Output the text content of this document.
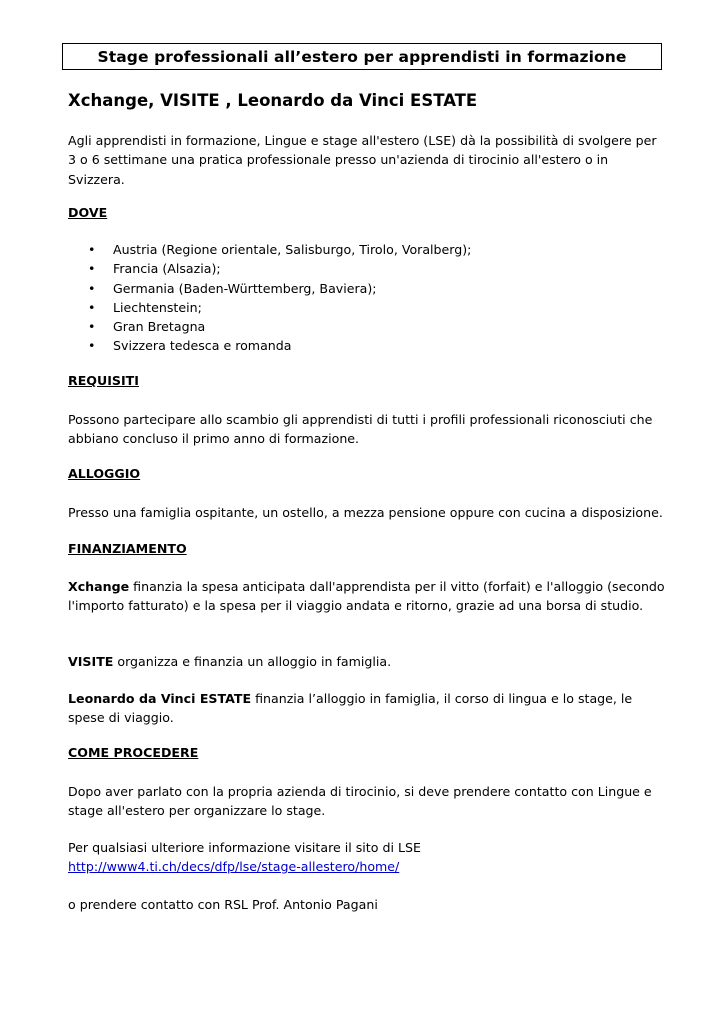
Stage professionali all’estero per apprendisti in formazione
Xchange, VISITE , Leonardo da Vinci ESTATE

Agli apprendisti in formazione, Lingue e stage all'estero (LSE) dà la possibilità di svolgere per 3 o 6 settimane una pratica professionale presso un'azienda di tirocinio all'estero o in Svizzera.

DOVE

• Austria (Regione orientale, Salisburgo, Tirolo, Voralberg);
• Francia (Alsazia);
• Germania (Baden-Württemberg, Baviera);
• Liechtenstein;
• Gran Bretagna
• Svizzera tedesca e romanda

REQUISITI

Possono partecipare allo scambio gli apprendisti di tutti i profili professionali riconosciuti che abbiano concluso il primo anno di formazione.

ALLOGGIO

Presso una famiglia ospitante, un ostello, a mezza pensione oppure con cucina a disposizione.

FINANZIAMENTO

Xchange finanzia la spesa anticipata dall'apprendista per il vitto (forfait) e l'alloggio (secondo l'importo fatturato) e la spesa per il viaggio andata e ritorno, grazie ad una borsa di studio.

VISITE organizza e finanzia un alloggio in famiglia.

Leonardo da Vinci ESTATE finanzia l’alloggio in famiglia, il corso di lingua e lo stage, le spese di viaggio.

COME PROCEDERE

Dopo aver parlato con la propria azienda di tirocinio, si deve prendere contatto con Lingue e stage all'estero per organizzare lo stage.

Per qualsiasi ulteriore informazione visitare il sito di LSE

http://www4.ti.ch/decs/dfp/lse/stage-allestero/home/

o prendere contatto con RSL Prof. Antonio Pagani
